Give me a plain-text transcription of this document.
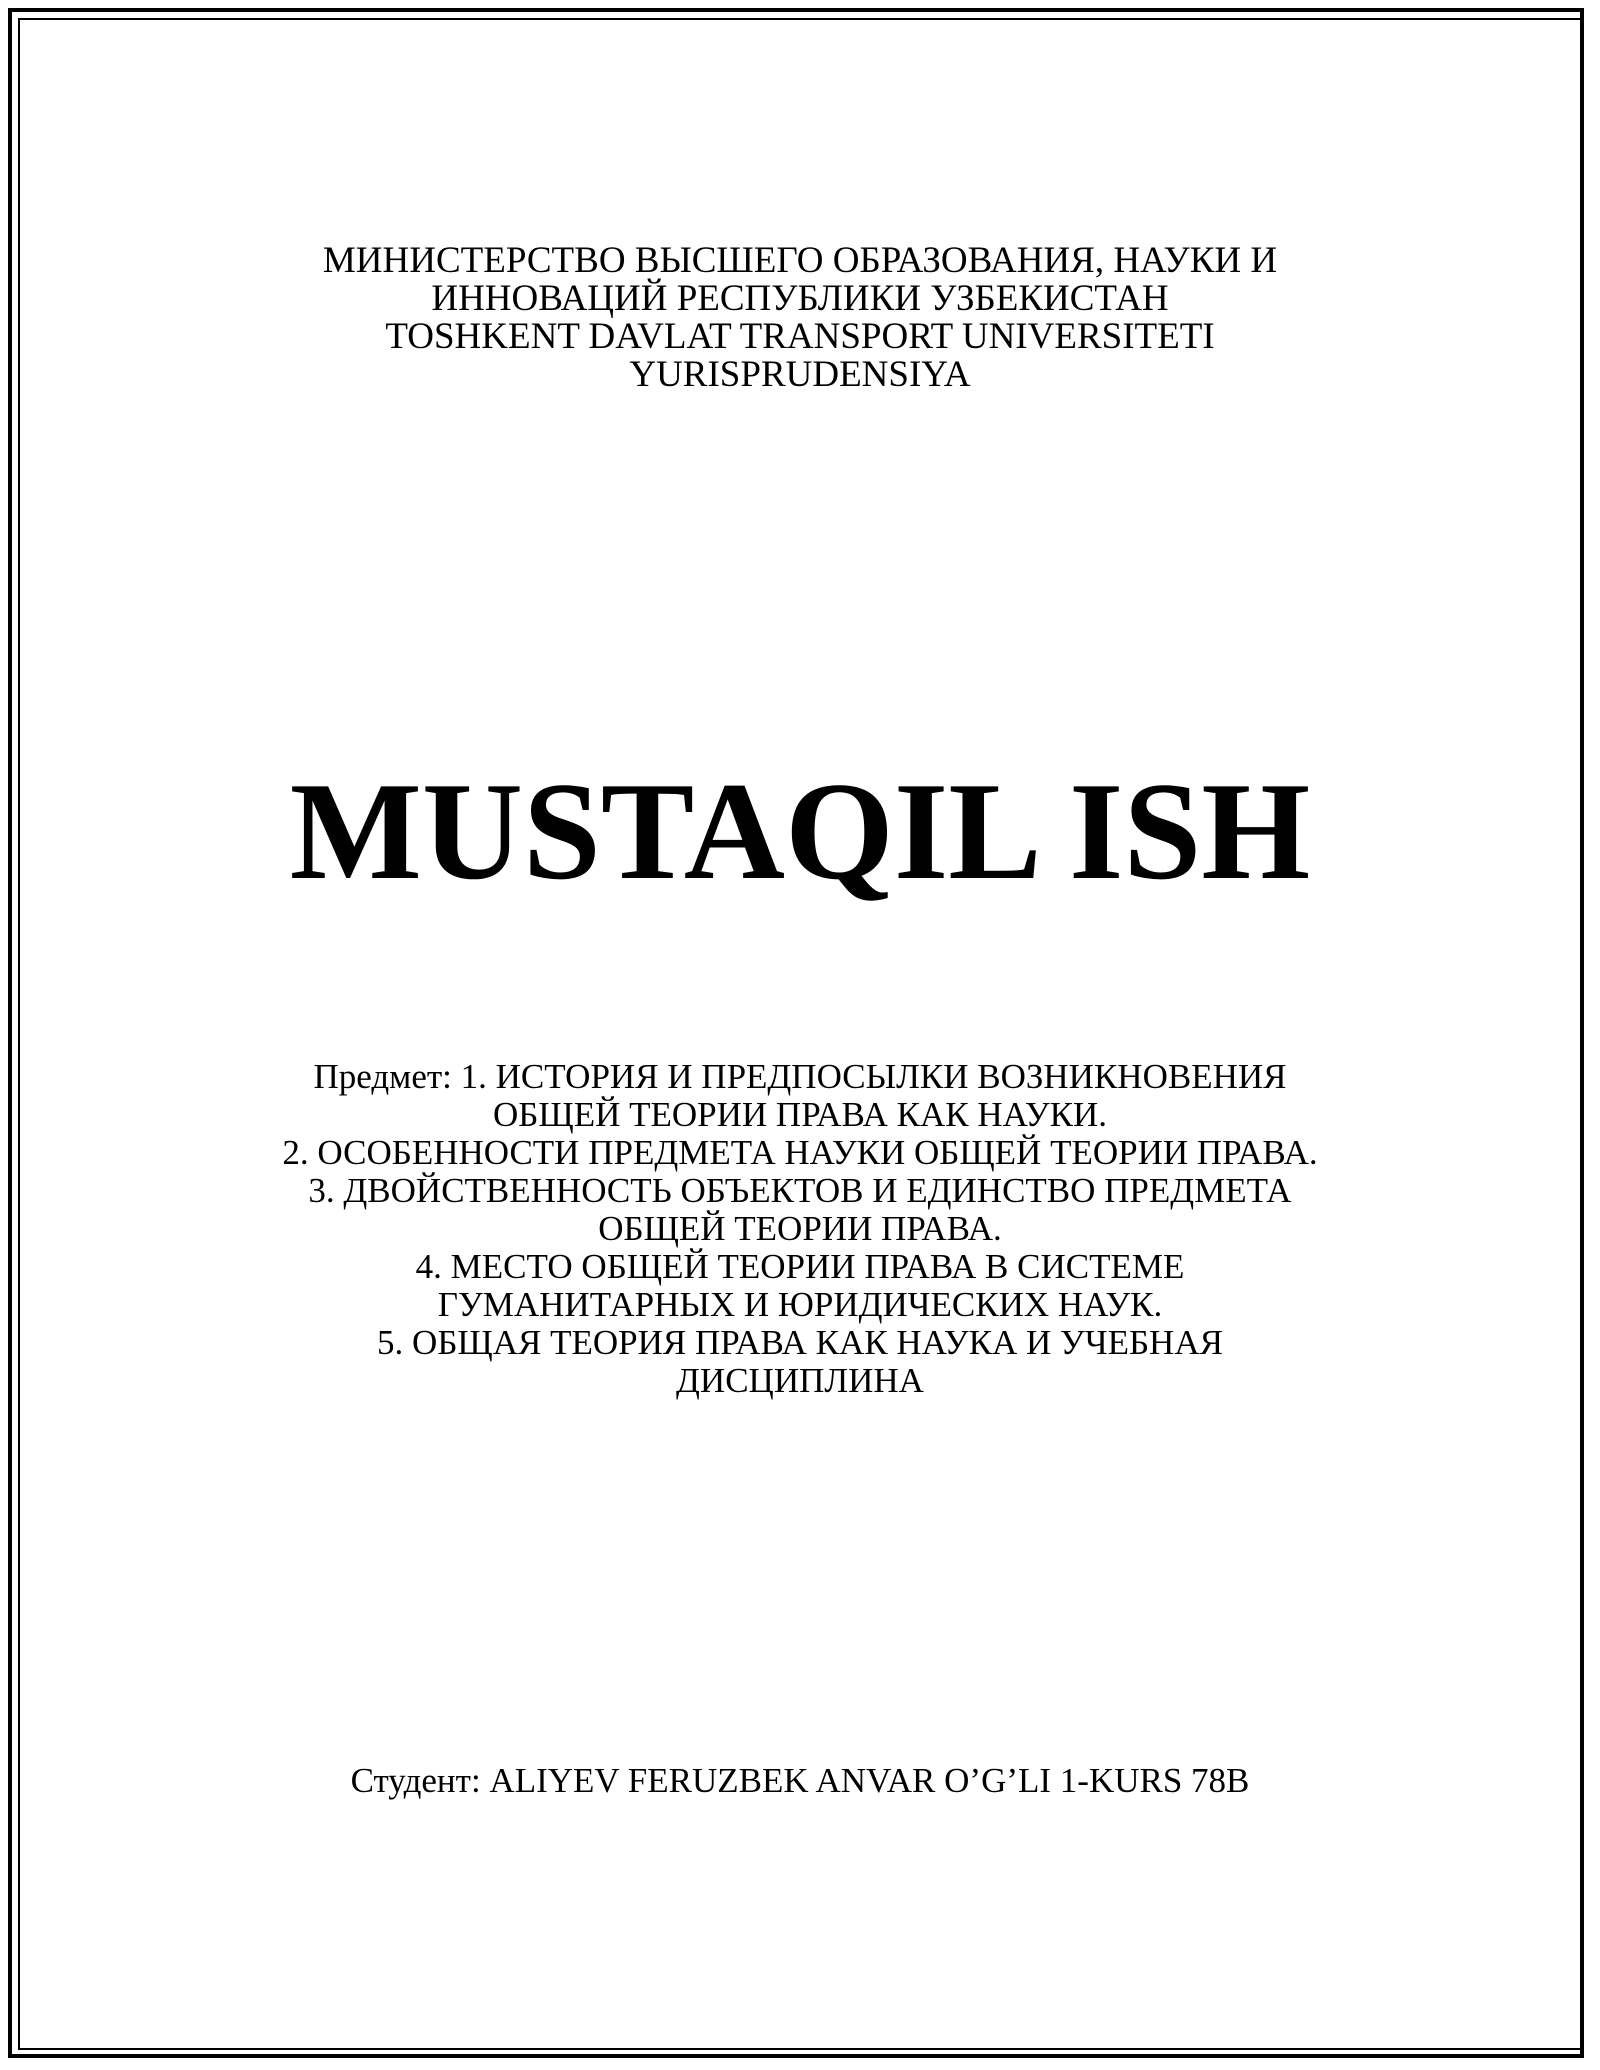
МИНИСТЕРСТВО ВЫСШЕГО ОБРАЗОВАНИЯ, НАУКИ И
ИННОВАЦИЙ РЕСПУБЛИКИ УЗБЕКИСТАН
TOSHKENT DAVLAT TRANSPORT UNIVERSITETI
YURISPRUDENSIYA
MUSTAQIL ISH
Предмет: 1. ИСТОРИЯ И ПРЕДПОСЫЛКИ ВОЗНИКНОВЕНИЯ
ОБЩЕЙ ТЕОРИИ ПРАВА КАК НАУКИ.
2. ОСОБЕННОСТИ ПРЕДМЕТА НАУКИ ОБЩЕЙ ТЕОРИИ ПРАВА.
3. ДВОЙСТВЕННОСТЬ ОБЪЕКТОВ И ЕДИНСТВО ПРЕДМЕТА
ОБЩЕЙ ТЕОРИИ ПРАВА.
4. МЕСТО ОБЩЕЙ ТЕОРИИ ПРАВА В СИСТЕМЕ
ГУМАНИТАРНЫХ И ЮРИДИЧЕСКИХ НАУК.
5. ОБЩАЯ ТЕОРИЯ ПРАВА КАК НАУКА И УЧЕБНАЯ
ДИСЦИПЛИНА
Студент: ALIYEV FERUZBEK ANVAR O’G’LI 1-KURS 78B
